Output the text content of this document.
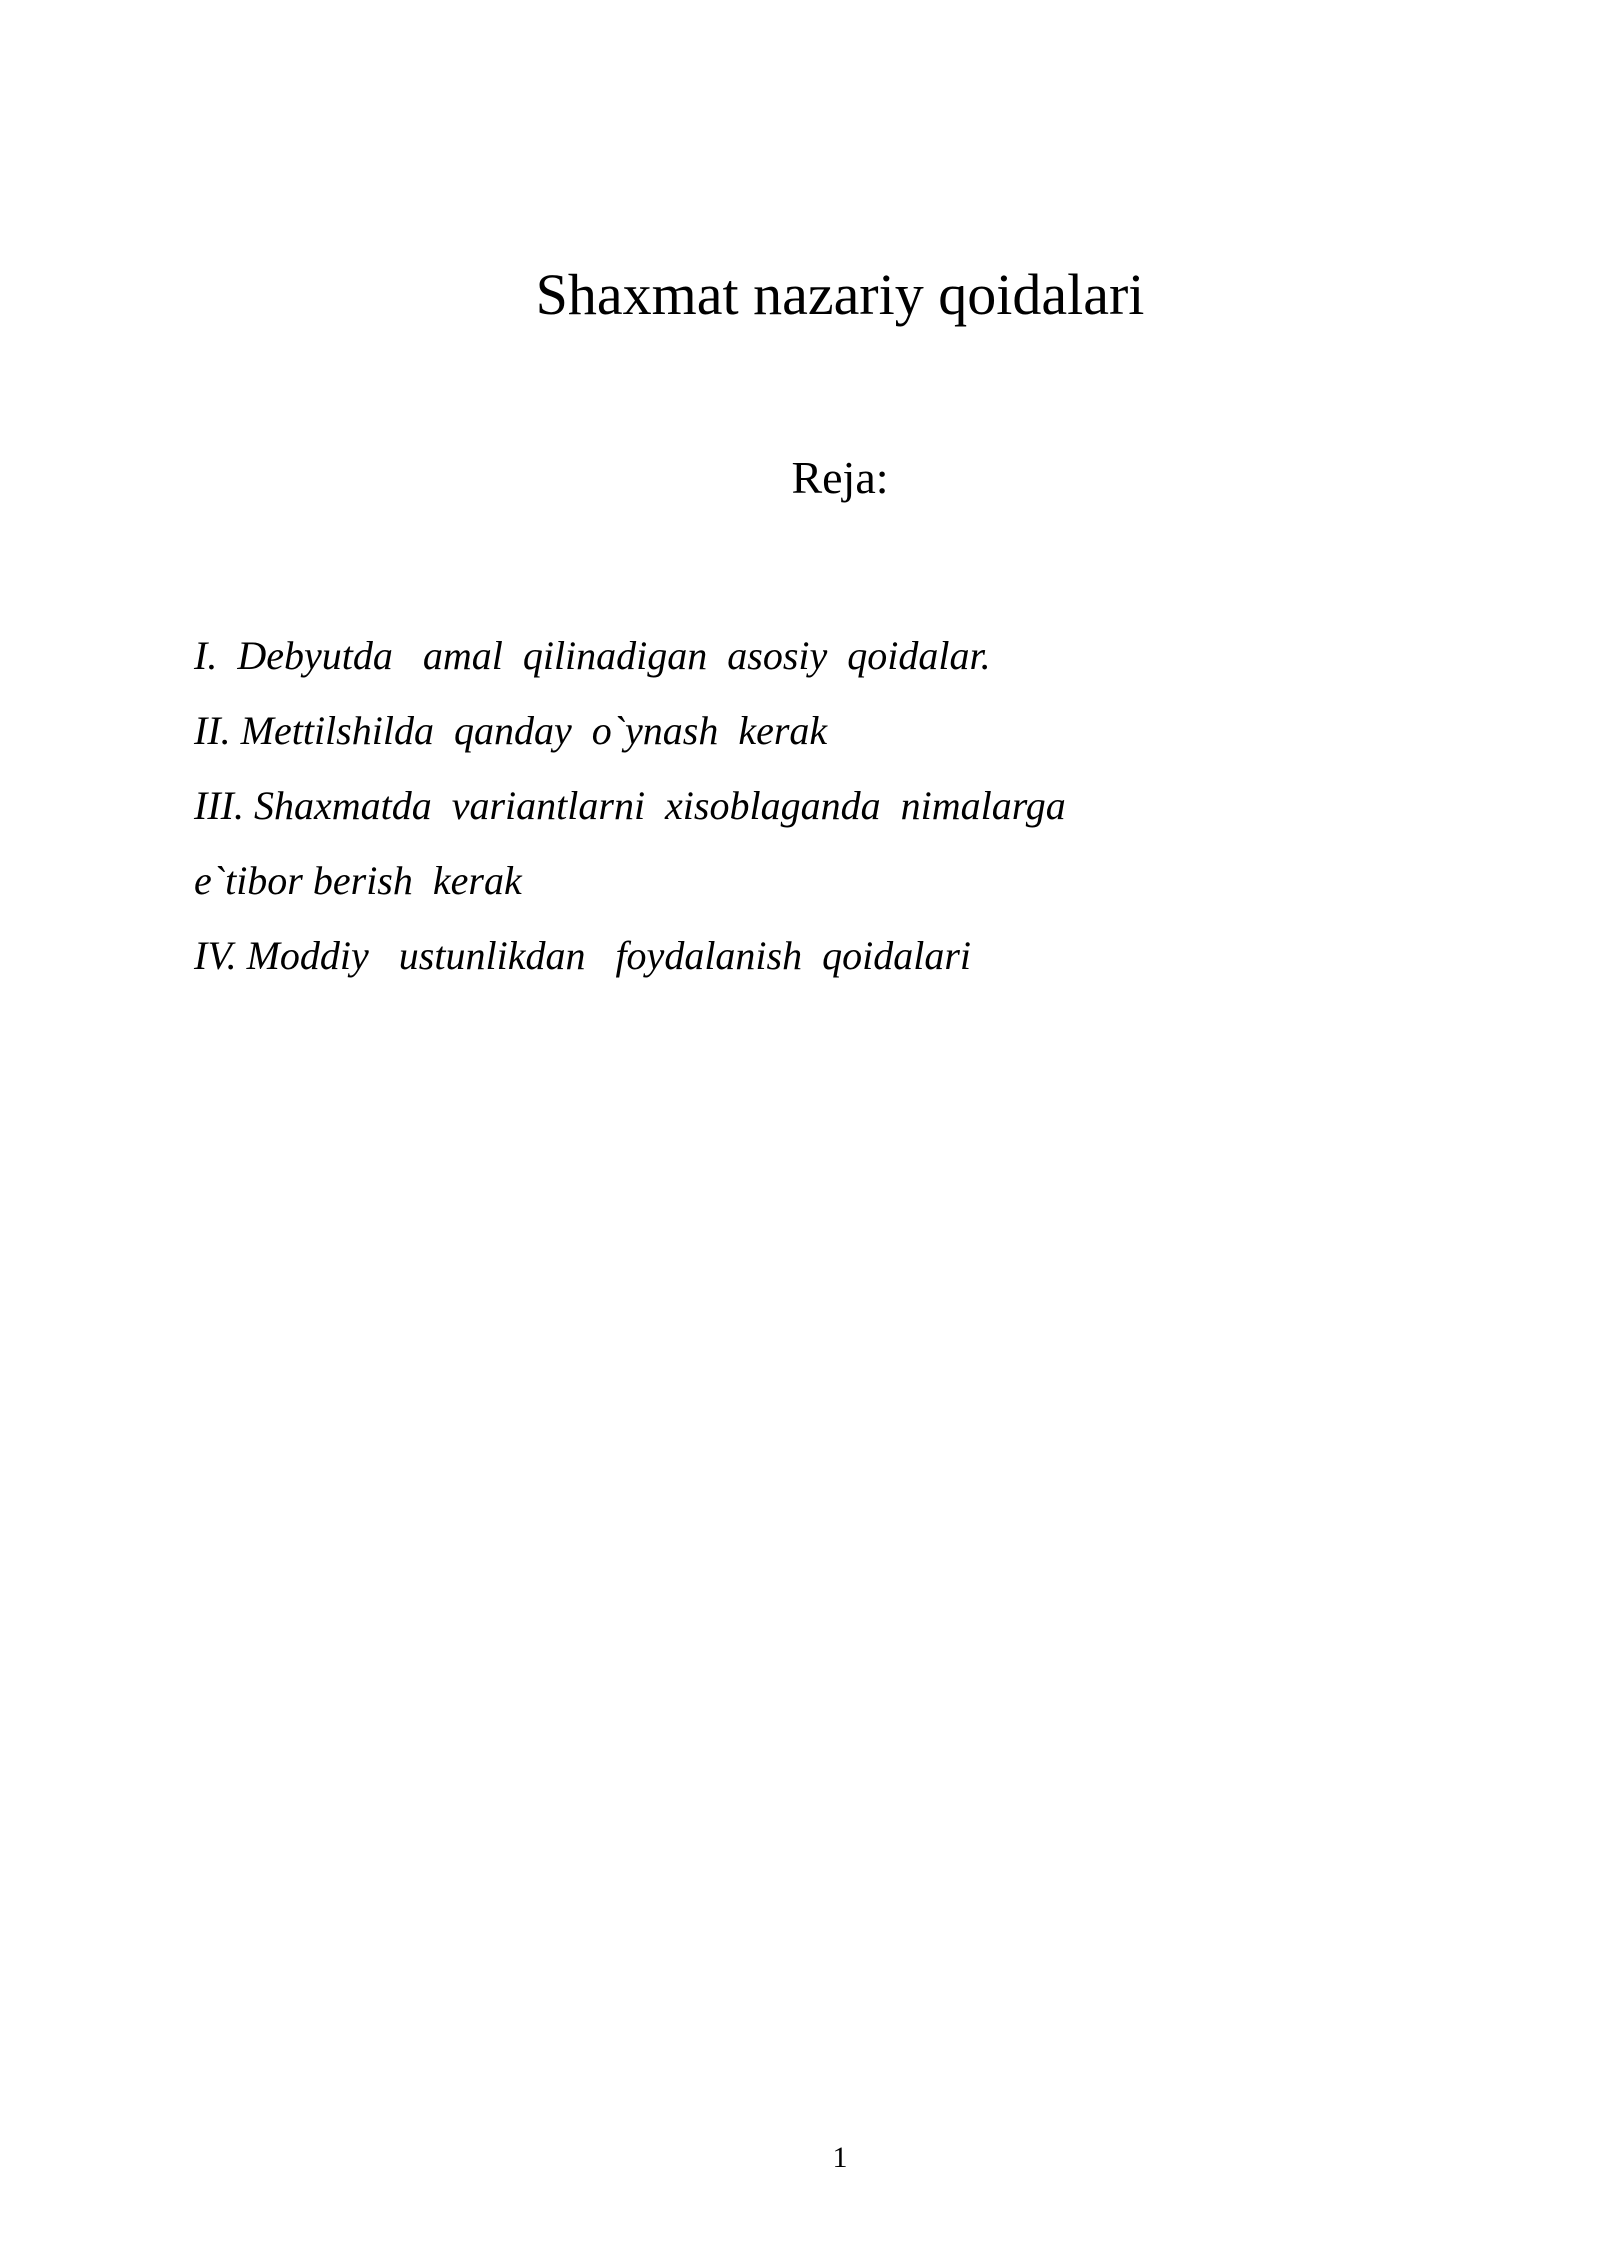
Shaxmat nazariy qoidalari
Reja:
I.  Debyutda   amal  qilinadigan  asosiy  qoidalar.
II. Mettilshilda  qanday  o`ynash  kerak
III. Shaxmatda  variantlarni  xisoblaganda  nimalarga
e`tibor berish  kerak
IV. Moddiy   ustunlikdan   foydalanish  qoidalari
1
